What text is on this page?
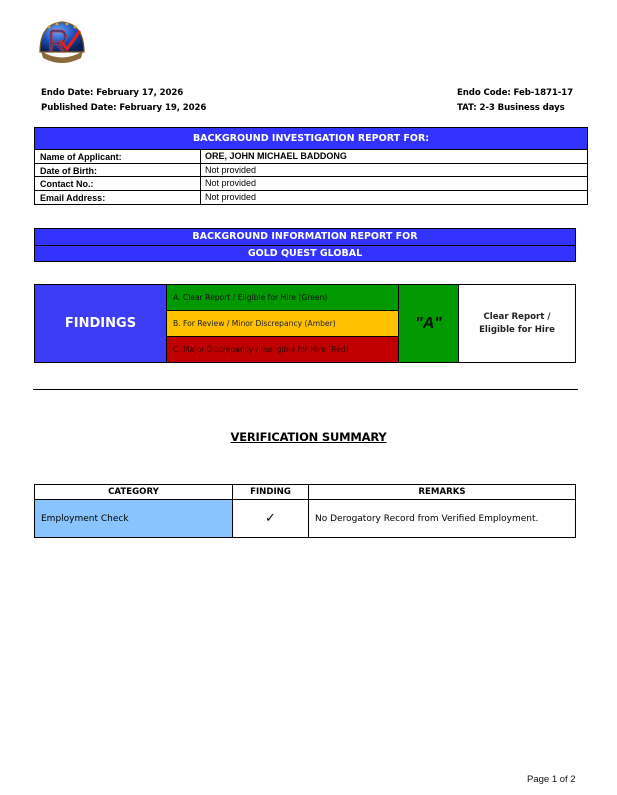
Endo Date: February 17, 2026
Published Date: February 19, 2026
Endo Code: Feb-1871-17
TAT: 2-3 Business days
BACKGROUND INVESTIGATION REPORT FOR:
Name of Applicant:	ORE, JOHN MICHAEL BADDONG
Date of Birth:	Not provided
Contact No.:	Not provided
Email Address:	Not provided
BACKGROUND INFORMATION REPORT FOR
GOLD QUEST GLOBAL
FINDINGS
A. Clear Report / Eligible for Hire (Green)
B. For Review / Minor Discrepancy (Amber)
C. Major Discrepancy / Ineligible for Hire (Red)
"A"	Clear Report /
Eligible for Hire
VERIFICATION SUMMARY
CATEGORY	FINDING	REMARKS
Employment Check	✓	No Derogatory Record from Verified Employment.
Page 1 of 2
